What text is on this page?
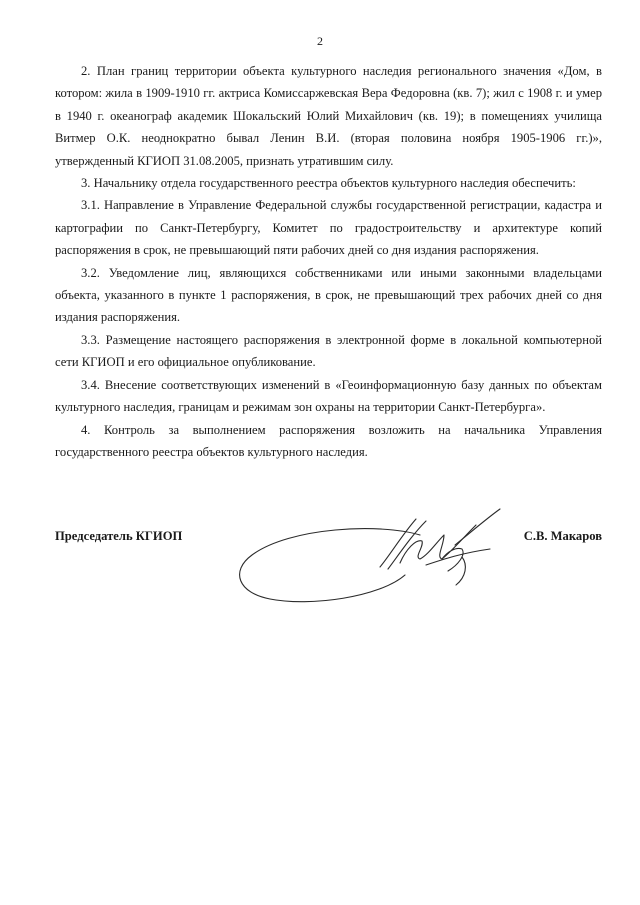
2

2. План границ территории объекта культурного наследия регионального значения «Дом, в котором: жила в 1909-1910 гг. актриса Комиссаржевская Вера Федоровна (кв. 7); жил с 1908 г. и умер в 1940 г. океанограф академик Шокальский Юлий Михайлович (кв. 19); в помещениях училища Витмер О.К. неоднократно бывал Ленин В.И. (вторая половина ноября 1905-1906 гг.)», утвержденный КГИОП 31.08.2005, признать утратившим силу.

3. Начальнику отдела государственного реестра объектов культурного наследия обеспечить:

3.1. Направление в Управление Федеральной службы государственной регистрации, кадастра и картографии по Санкт-Петербургу, Комитет по градостроительству и архитектуре копий распоряжения в срок, не превышающий пяти рабочих дней со дня издания распоряжения.

3.2. Уведомление лиц, являющихся собственниками или иными законными владельцами объекта, указанного в пункте 1 распоряжения, в срок, не превышающий трех рабочих дней со дня издания распоряжения.

3.3. Размещение настоящего распоряжения в электронной форме в локальной компьютерной сети КГИОП и его официальное опубликование.

3.4. Внесение соответствующих изменений в «Геоинформационную базу данных по объектам культурного наследия, границам и режимам зон охраны на территории Санкт-Петербурга».

4. Контроль за выполнением распоряжения возложить на начальника Управления государственного реестра объектов культурного наследия.

Председатель КГИОП	С.В. Макаров
